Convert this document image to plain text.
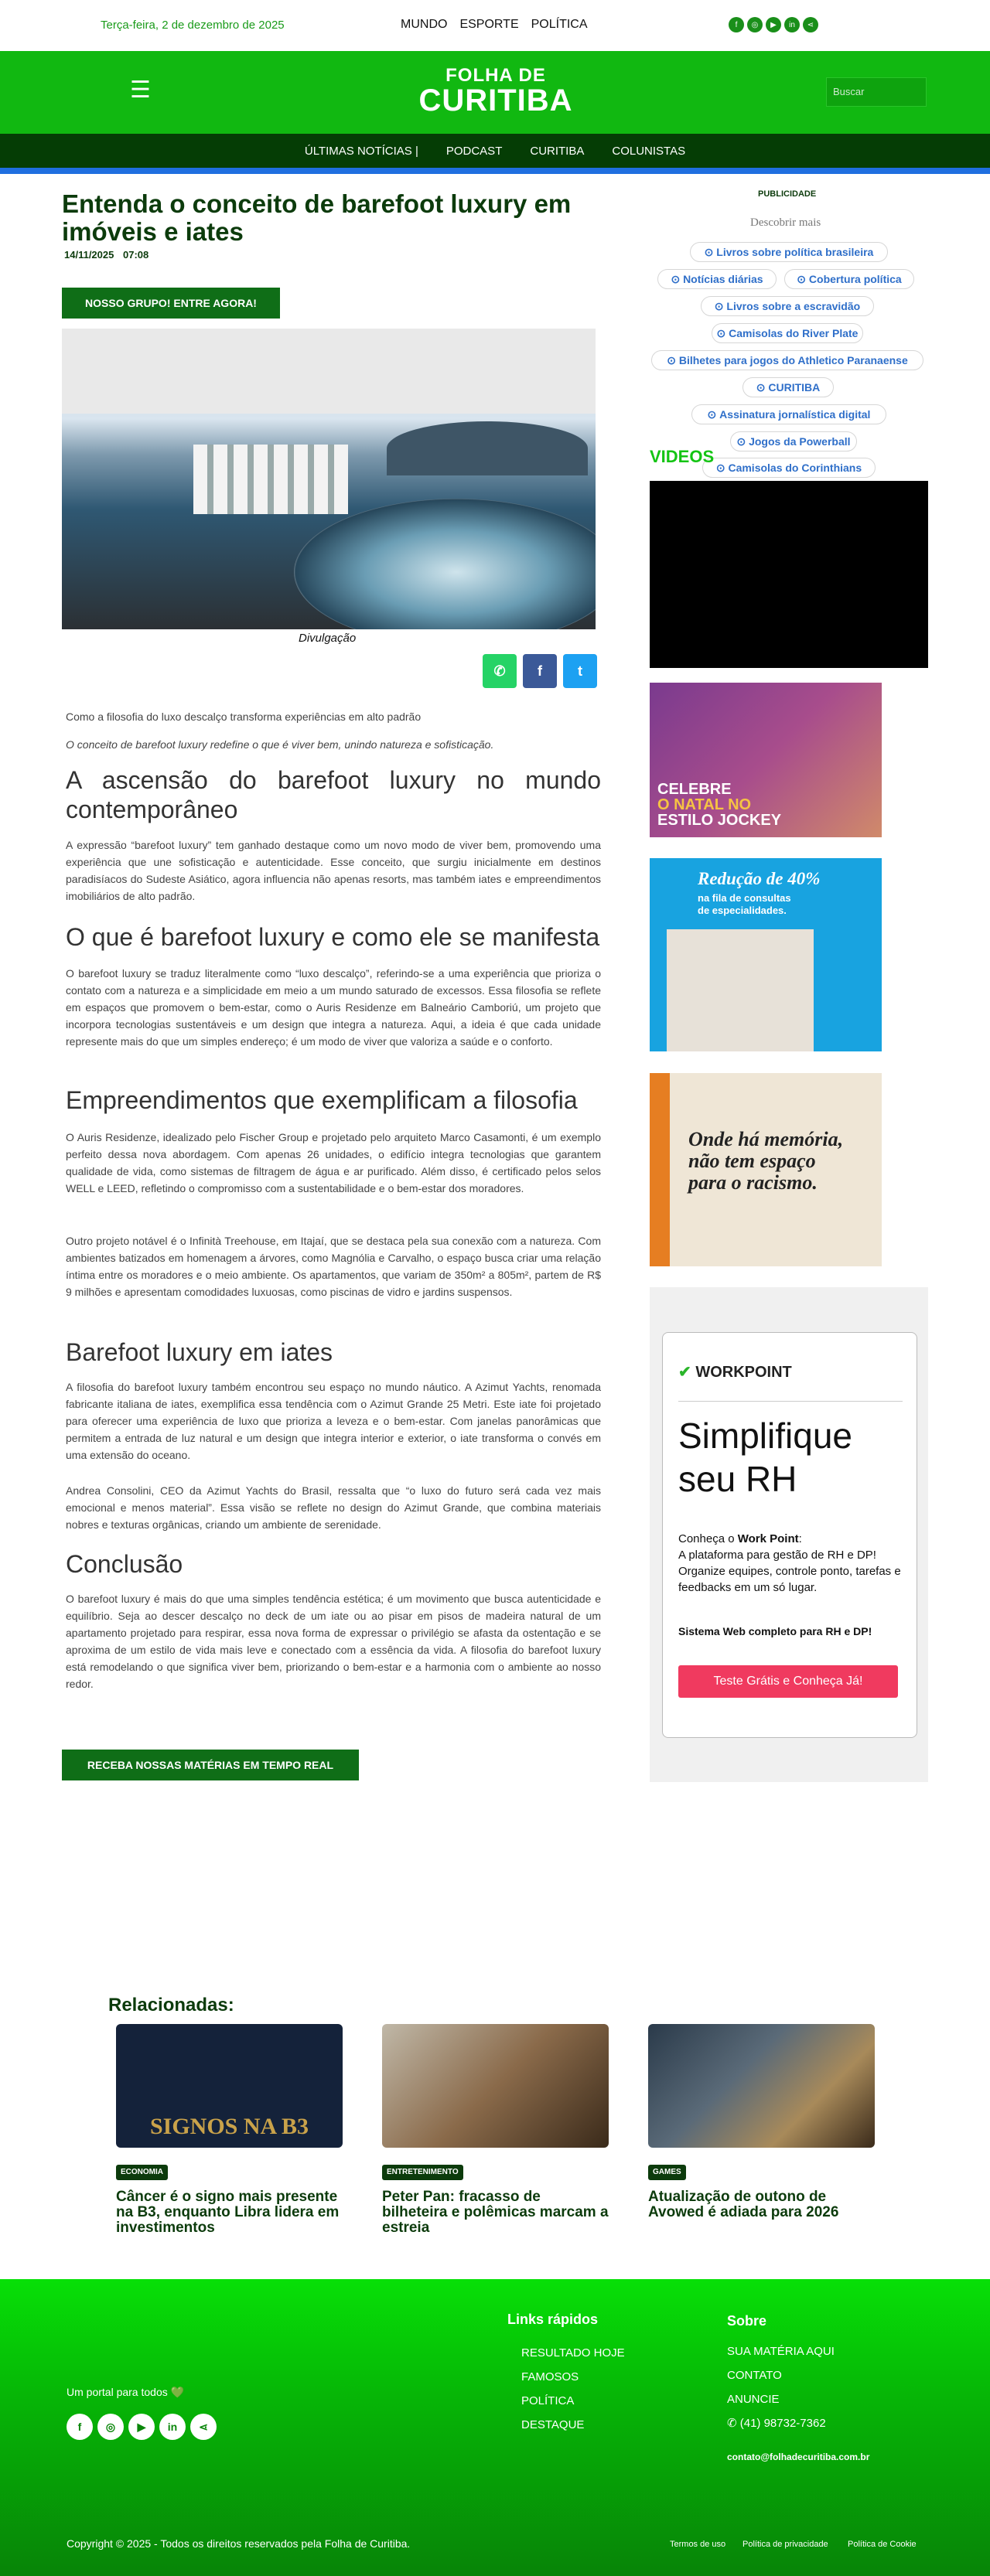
Terça-feira, 2 de dezembro de 2025	MUNDO ESPORTE POLÍTICA	f	◎	▶	in	⋖
☰
FOLHA DE
CURITIBA	Buscar
ÚLTIMAS NOTÍCIAS | PODCAST CURITIBA COLUNISTAS
Entenda o conceito de barefoot luxury em imóveis e iates
14/11/2025 07:08
NOSSO GRUPO! ENTRE AGORA!
Divulgação
✆	f	t
Como a filosofia do luxo descalço transforma experiências em alto padrão
O conceito de barefoot luxury redefine o que é viver bem, unindo natureza e sofisticação.
A ascensão do barefoot luxury no mundo contemporâneo

A expressão “barefoot luxury” tem ganhado destaque como um novo modo de viver bem, promovendo uma experiência que une sofisticação e autenticidade. Esse conceito, que surgiu inicialmente em destinos paradisíacos do Sudeste Asiático, agora influencia não apenas resorts, mas também iates e empreendimentos imobiliários de alto padrão.

O que é barefoot luxury e como ele se manifesta

O barefoot luxury se traduz literalmente como “luxo descalço”, referindo-se a uma experiência que prioriza o contato com a natureza e a simplicidade em meio a um mundo saturado de excessos. Essa filosofia se reflete em espaços que promovem o bem-estar, como o Auris Residenze em Balneário Camboriú, um projeto que incorpora tecnologias sustentáveis e um design que integra a natureza. Aqui, a ideia é que cada unidade represente mais do que um simples endereço; é um modo de viver que valoriza a saúde e o conforto.

Empreendimentos que exemplificam a filosofia

O Auris Residenze, idealizado pelo Fischer Group e projetado pelo arquiteto Marco Casamonti, é um exemplo perfeito dessa nova abordagem. Com apenas 26 unidades, o edifício integra tecnologias que garantem qualidade de vida, como sistemas de filtragem de água e ar purificado. Além disso, é certificado pelos selos WELL e LEED, refletindo o compromisso com a sustentabilidade e o bem-estar dos moradores.

Outro projeto notável é o Infinità Treehouse, em Itajaí, que se destaca pela sua conexão com a natureza. Com ambientes batizados em homenagem a árvores, como Magnólia e Carvalho, o espaço busca criar uma relação íntima entre os moradores e o meio ambiente. Os apartamentos, que variam de 350m² a 805m², partem de R$ 9 milhões e apresentam comodidades luxuosas, como piscinas de vidro e jardins suspensos.

Barefoot luxury em iates

A filosofia do barefoot luxury também encontrou seu espaço no mundo náutico. A Azimut Yachts, renomada fabricante italiana de iates, exemplifica essa tendência com o Azimut Grande 25 Metri. Este iate foi projetado para oferecer uma experiência de luxo que prioriza a leveza e o bem-estar. Com janelas panorâmicas que permitem a entrada de luz natural e um design que integra interior e exterior, o iate transforma o convés em uma extensão do oceano.

Andrea Consolini, CEO da Azimut Yachts do Brasil, ressalta que “o luxo do futuro será cada vez mais emocional e menos material”. Essa visão se reflete no design do Azimut Grande, que combina materiais nobres e texturas orgânicas, criando um ambiente de serenidade.

Conclusão

O barefoot luxury é mais do que uma simples tendência estética; é um movimento que busca autenticidade e equilíbrio. Seja ao descer descalço no deck de um iate ou ao pisar em pisos de madeira natural de um apartamento projetado para respirar, essa nova forma de expressar o privilégio se afasta da ostentação e se aproxima de um estilo de vida mais leve e conectado com a essência da vida. A filosofia do barefoot luxury está remodelando o que significa viver bem, priorizando o bem-estar e a harmonia com o ambiente ao nosso redor.

RECEBA NOSSAS MATÉRIAS EM TEMPO REAL
PUBLICIDADE
Descobrir mais
⊙ Livros sobre política brasileira
⊙ Notícias diárias	⊙ Cobertura política
⊙ Livros sobre a escravidão
⊙ Camisolas do River Plate
⊙ Bilhetes para jogos do Athletico Paranaense
⊙ CURITIBA
⊙ Assinatura jornalística digital
⊙ Jogos da Powerball
⊙ Camisolas do Corinthians
VIDEOS
CELEBRE
O NATAL NO
ESTILO JOCKEY
Redução de 40%
na fila de consultas
de especialidades.
Onde há memória,
não tem espaço
para o racismo.
✔ WORKPOINT
Simplifique
seu RH
Conheça o Work Point:
A plataforma para gestão de RH e DP! Organize equipes, controle ponto, tarefas e feedbacks em um só lugar.
Sistema Web completo para RH e DP!
Teste Grátis e Conheça Já!
Relacionadas:
SIGNOS NA B3
ECONOMIA
Câncer é o signo mais presente na B3, enquanto Libra lidera em investimentos
ENTRETENIMENTO
Peter Pan: fracasso de bilheteira e polêmicas marcam a estreia
GAMES
Atualização de outono de Avowed é adiada para 2026
Um portal para todos 💚
f	◎	▶	in	⋖
Links rápidos
RESULTADO HOJE
FAMOSOS
POLÍTICA
DESTAQUE
Sobre
SUA MATÉRIA AQUI
CONTATO
ANUNCIE
✆ (41) 98732-7362
contato@folhadecuritiba.com.br
Copyright © 2025 - Todos os direitos reservados pela Folha de Curitiba.	Termos de uso Política de privacidade Política de Cookie
